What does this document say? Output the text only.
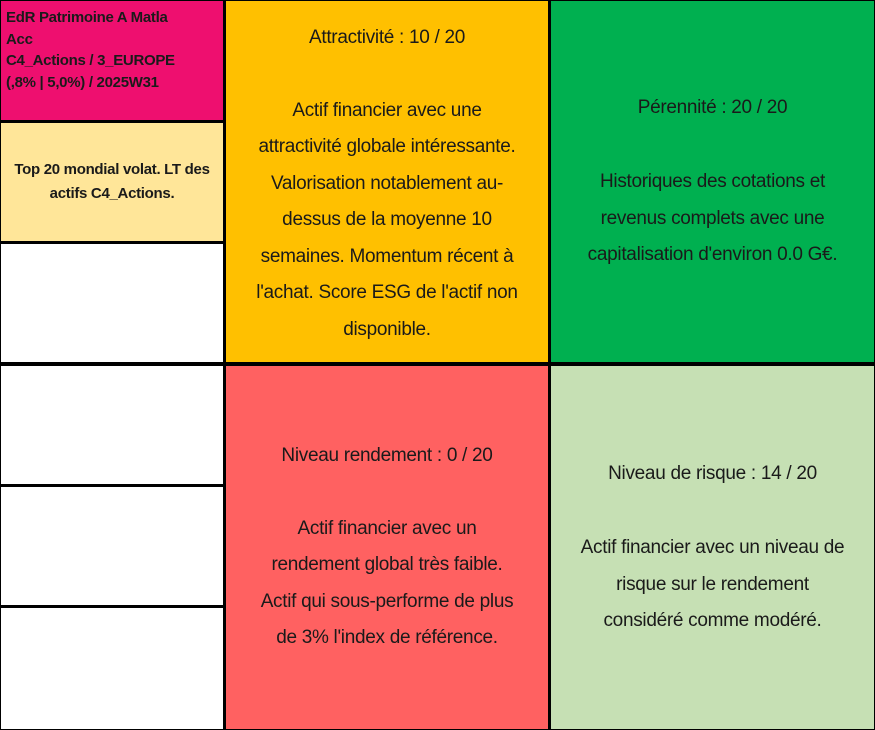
EdR Patrimoine A Matla
Acc
C4_Actions / 3_EUROPE
(,8% | 5,0%) / 2025W31
Top 20 mondial volat. LT des actifs C4_Actions.
Attractivité : 10 / 20
Actif financier avec une
attractivité globale intéressante.
Valorisation notablement au-
dessus de la moyenne 10
semaines. Momentum récent à
l'achat. Score ESG de l'actif non
disponible.
Pérennité : 20 / 20
Historiques des cotations et
revenus complets avec une
capitalisation d'environ 0.0 G€.
Niveau rendement : 0 / 20
Actif financier avec un
rendement global très faible.
Actif qui sous-performe de plus
de 3% l'index de référence.
Niveau de risque : 14 / 20
Actif financier avec un niveau de
risque sur le rendement
considéré comme modéré.
